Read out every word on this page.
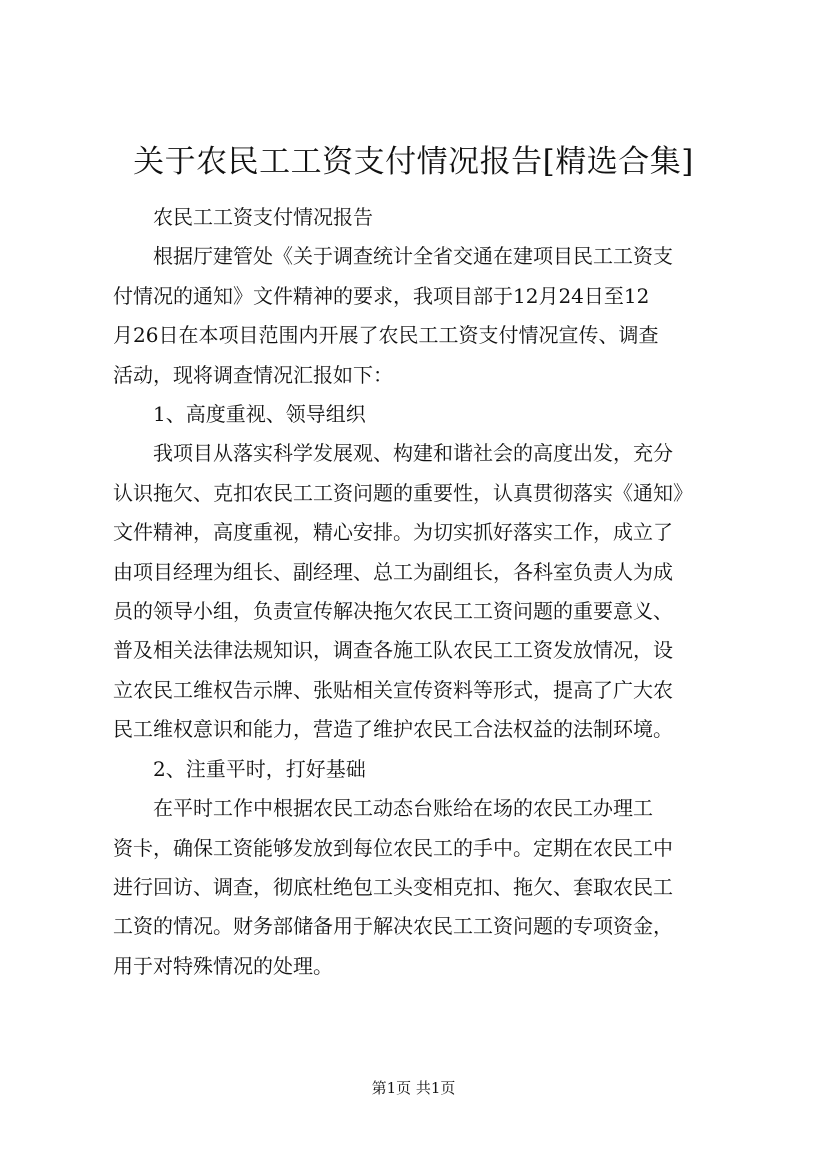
关于农民工工资支付情况报告[精选合集]

农民工工资支付情况报告

根据厅建管处《关于调查统计全省交通在建项目民工工资支

付情况的通知》文件精神的要求，我项目部于12月24日至12

月26日在本项目范围内开展了农民工工资支付情况宣传、调查

活动，现将调查情况汇报如下：

1、高度重视、领导组织

我项目从落实科学发展观、构建和谐社会的高度出发，充分

认识拖欠、克扣农民工工资问题的重要性，认真贯彻落实《通知》

文件精神，高度重视，精心安排。为切实抓好落实工作，成立了

由项目经理为组长、副经理、总工为副组长，各科室负责人为成

员的领导小组，负责宣传解决拖欠农民工工资问题的重要意义、

普及相关法律法规知识，调查各施工队农民工工资发放情况，设

立农民工维权告示牌、张贴相关宣传资料等形式，提高了广大农

民工维权意识和能力，营造了维护农民工合法权益的法制环境。

2、注重平时，打好基础

在平时工作中根据农民工动态台账给在场的农民工办理工

资卡，确保工资能够发放到每位农民工的手中。定期在农民工中

进行回访、调查，彻底杜绝包工头变相克扣、拖欠、套取农民工

工资的情况。财务部储备用于解决农民工工资问题的专项资金，

用于对特殊情况的处理。

第1页 共1页
